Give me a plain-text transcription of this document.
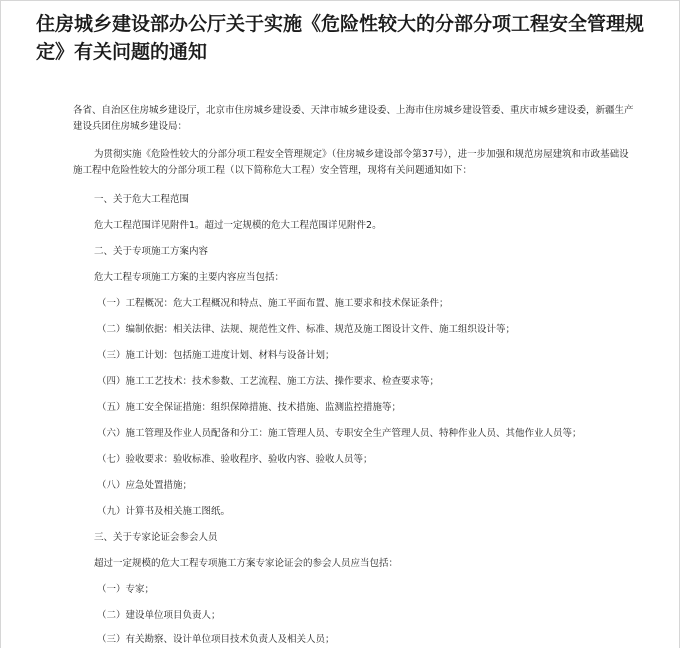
住房城乡建设部办公厅关于实施《危险性较大的分部分项工程安全管理规定》有关问题的通知
各省、自治区住房城乡建设厅，北京市住房城乡建设委、天津市城乡建设委、上海市住房城乡建设管委、重庆市城乡建设委，新疆生产建设兵团住房城乡建设局：
为贯彻实施《危险性较大的分部分项工程安全管理规定》（住房城乡建设部令第37号），进一步加强和规范房屋建筑和市政基础设施工程中危险性较大的分部分项工程（以下简称危大工程）安全管理，现将有关问题通知如下：
一、关于危大工程范围
危大工程范围详见附件1。超过一定规模的危大工程范围详见附件2。
二、关于专项施工方案内容
危大工程专项施工方案的主要内容应当包括：
（一）工程概况：危大工程概况和特点、施工平面布置、施工要求和技术保证条件；
（二）编制依据：相关法律、法规、规范性文件、标准、规范及施工图设计文件、施工组织设计等；
（三）施工计划：包括施工进度计划、材料与设备计划；
（四）施工工艺技术：技术参数、工艺流程、施工方法、操作要求、检查要求等；
（五）施工安全保证措施：组织保障措施、技术措施、监测监控措施等；
（六）施工管理及作业人员配备和分工：施工管理人员、专职安全生产管理人员、特种作业人员、其他作业人员等；
（七）验收要求：验收标准、验收程序、验收内容、验收人员等；
（八）应急处置措施；
（九）计算书及相关施工图纸。
三、关于专家论证会参会人员
超过一定规模的危大工程专项施工方案专家论证会的参会人员应当包括：
（一）专家；
（二）建设单位项目负责人；
（三）有关勘察、设计单位项目技术负责人及相关人员；
